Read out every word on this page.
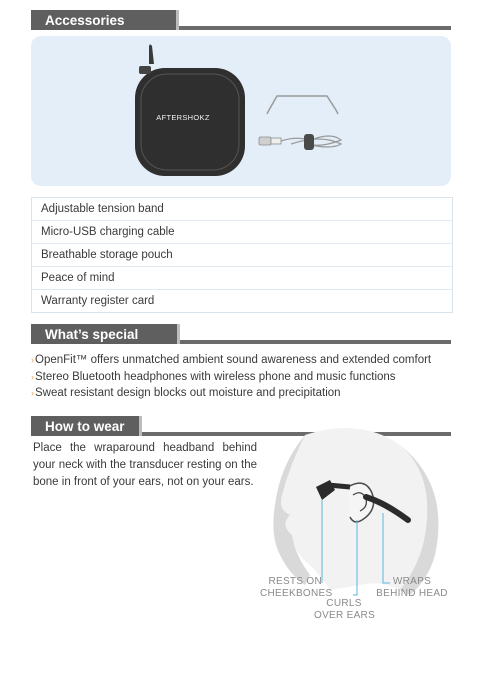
Accessories
AFTERSHOKZ
Adjustable tension band
Micro-USB charging cable
Breathable storage pouch
Peace of mind
Warranty register card
What’s special
›OpenFit™ offers unmatched ambient sound awareness and extended comfort
›Stereo Bluetooth headphones with wireless phone and music functions
›Sweat resistant design blocks out moisture and precipitation
How to wear

Place the wraparound headband behind your neck with the transducer resting on the bone in front of your ears, not on your ears.

RESTS ON
CHEEKBONES
CURLS
OVER EARS
WRAPS
BEHIND HEAD
